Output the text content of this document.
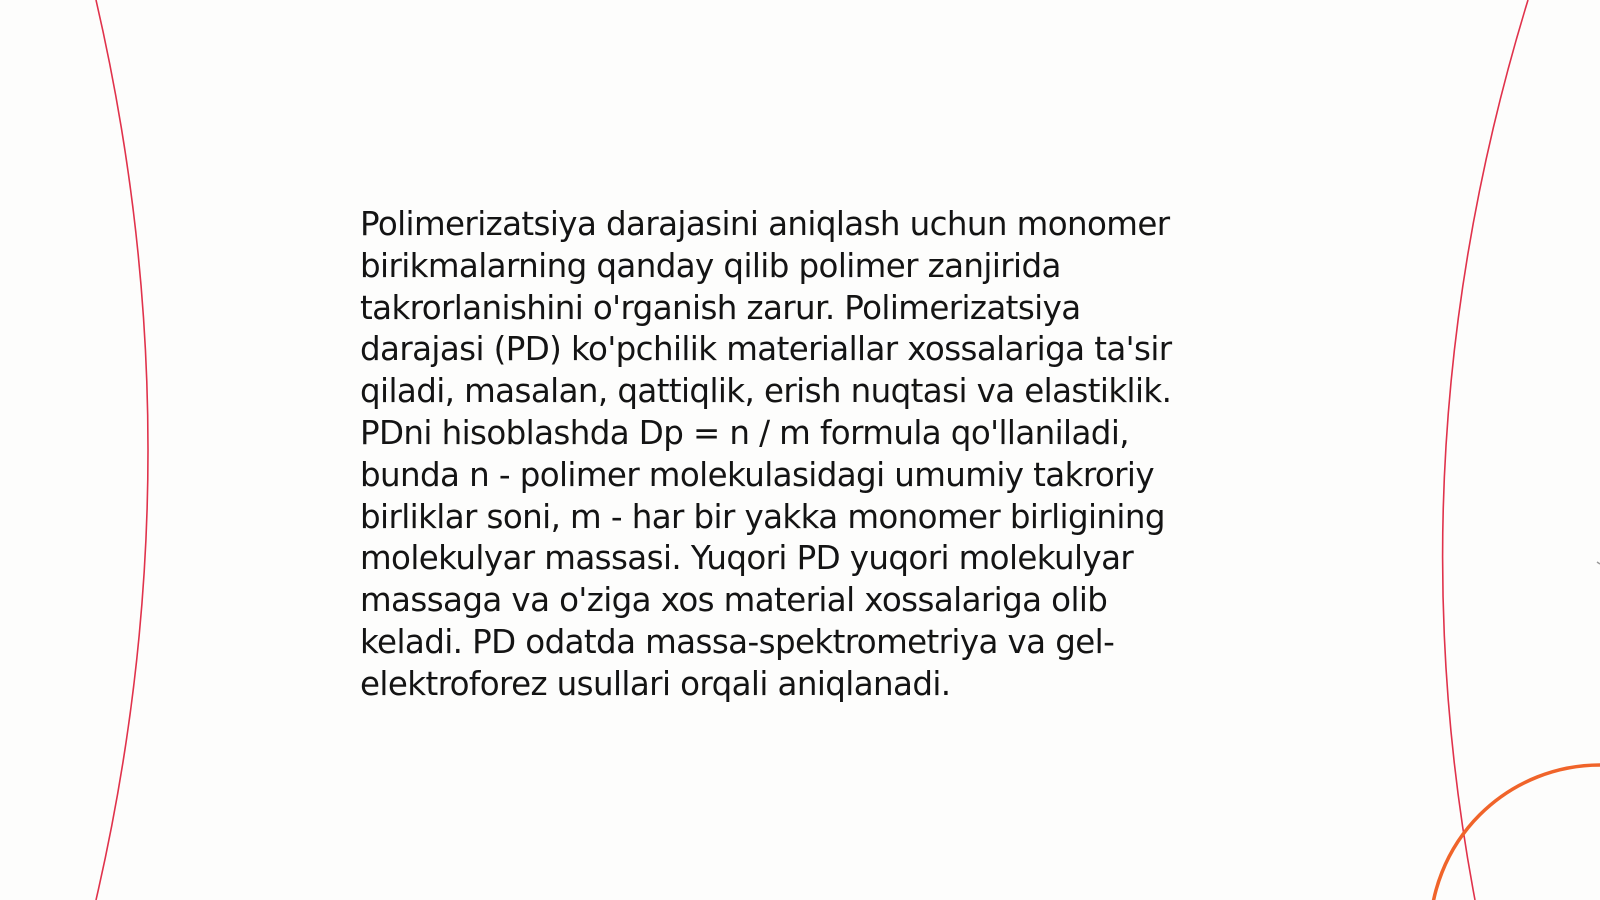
Polimerizatsiya darajasini aniqlash uchun monomer
birikmalarning qanday qilib polimer zanjirida
takrorlanishini o'rganish zarur. Polimerizatsiya
darajasi (PD) ko'pchilik materiallar xossalariga ta'sir
qiladi, masalan, qattiqlik, erish nuqtasi va elastiklik.
PDni hisoblashda Dp = n / m formula qo'llaniladi,
bunda n - polimer molekulasidagi umumiy takroriy
birliklar soni, m - har bir yakka monomer birligining
molekulyar massasi. Yuqori PD yuqori molekulyar
massaga va o'ziga xos material xossalariga olib
keladi. PD odatda massa-spektrometriya va gel-
elektroforez usullari orqali aniqlanadi.
